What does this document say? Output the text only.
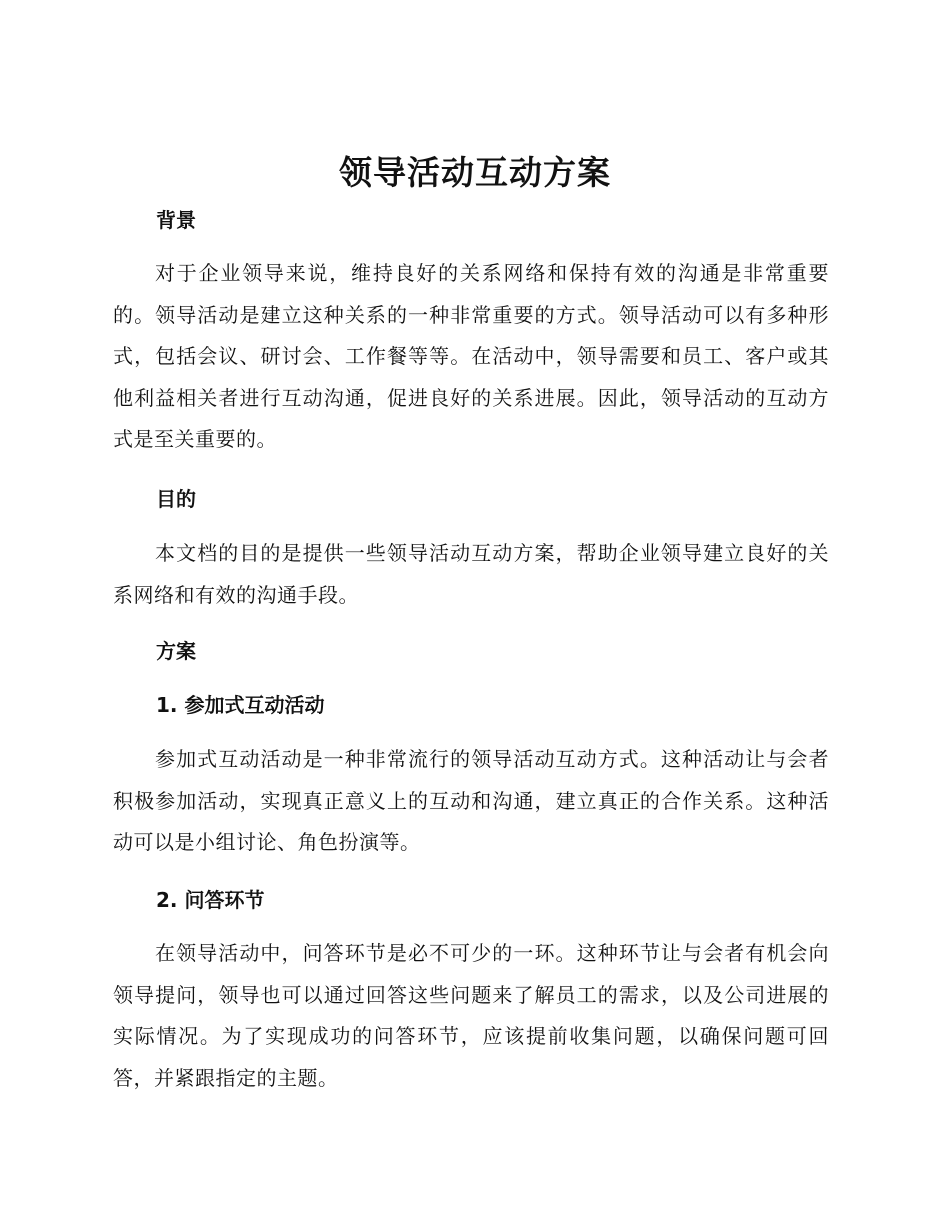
领导活动互动方案
背景

对于企业领导来说，维持良好的关系网络和保持有效的沟通是非常重要的。领导活动是建立这种关系的一种非常重要的方式。领导活动可以有多种形式，包括会议、研讨会、工作餐等等。在活动中，领导需要和员工、客户或其他利益相关者进行互动沟通，促进良好的关系进展。因此，领导活动的互动方式是至关重要的。

目的

本文档的目的是提供一些领导活动互动方案，帮助企业领导建立良好的关系网络和有效的沟通手段。

方案
1. 参加式互动活动

参加式互动活动是一种非常流行的领导活动互动方式。这种活动让与会者积极参加活动，实现真正意义上的互动和沟通，建立真正的合作关系。这种活动可以是小组讨论、角色扮演等。

2. 问答环节

在领导活动中，问答环节是必不可少的一环。这种环节让与会者有机会向领导提问，领导也可以通过回答这些问题来了解员工的需求，以及公司进展的实际情况。为了实现成功的问答环节，应该提前收集问题，以确保问题可回答，并紧跟指定的主题。
